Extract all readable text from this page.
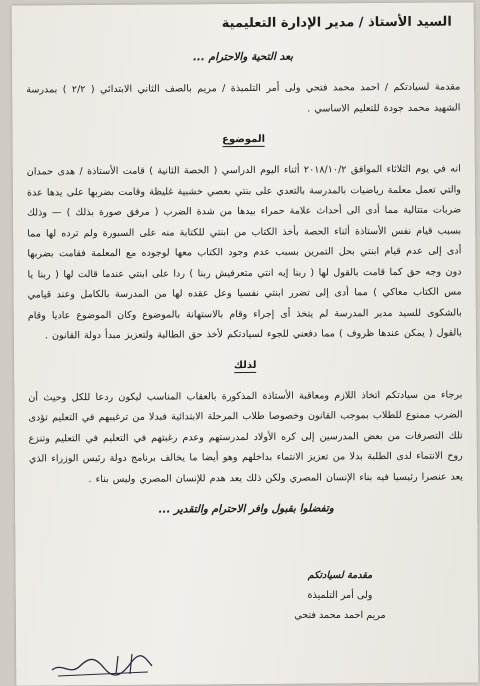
السيد الأستاذ / مدير الإدارة التعليمية
بعد التحية والاحترام ...

مقدمة لسيادتكم / احمد محمد فتحي ولى أمر التلميذة / مريم بالصف الثاني الابتدائي ( ٢/٢ ) بمدرسة الشهيد محمد جودة للتعليم الاساسي .

الموضوع

انه في يوم الثلاثاء الموافق ٢٠١٨/١٠/٢ أثناء اليوم الدراسي ( الحصة الثانية ) قامت الأستاذة / هدى حمدان والتي تعمل معلمة رياضيات بالمدرسة بالتعدي على بنتي بعصي خشبية غليظة وقامت بضربها على يدها عدة ضربات متتالية مما أدى الى أحداث علامة حمراء بيدها من شدة الضرب ( مرفق صورة بذلك ) — وذلك بسبب قيام نفس الأستاذة أثناء الحصة بأخذ الكتاب من ابنتي للكتابة منه على السبورة ولم ترده لها مما أدى إلى عدم قيام ابنتي بحل التمرين بسبب عدم وجود الكتاب معها لوجوده مع المعلمة فقامت بضربها دون وجه حق كما قامت بالقول لها ( ربنا إيه انتي متعرفيش ربنا ) ردا على ابنتي عندما قالت لها ( ربنا يا مس الكتاب معاكي ) مما أدى إلى تضرر ابنتي نفسيا وعل عقده لها من المدرسة بالكامل وعند قيامي بالشكوى للسيد مدير المدرسة لم يتخذ أى إجراء وقام بالاستهانة بالموضوع وكان الموضوع عاديا وقام بالقول ( يمكن عندها ظروف ) مما دفعني للجوء لسيادتكم لأخذ حق الطالبة ولتعزيز مبدأ دولة القانون .

لذلك

برجاء من سيادتكم اتخاذ اللازم ومعاقبة الأستاذة المذكورة بالعقاب المناسب ليكون ردعا للكل وحيث أن الضرب ممنوع للطلاب بموجب القانون وخصوصا طلاب المرحلة الابتدائية فبدلا من ترغيبهم في التعليم تؤدى تلك التصرفات من بعض المدرسين إلى كره الأولاد لمدرستهم وعدم رغبتهم في التعليم في التعليم وتنزع روح الانتماء لدى الطلبة بدلا من تعزيز الانتماء بداخلهم وهو أيضا ما يخالف برنامج دولة رئيس الوزراء الذي يعد عنصرا رئيسيا فيه بناء الإنسان المصري ولكن ذلك يعد هدم للإنسان المصري وليس بناء .

وتفضلوا بقبول وافر الاحترام والتقدير ...
مقدمة لسيادتكم
ولى أمر التلميذة
مريم احمد محمد فتحي
